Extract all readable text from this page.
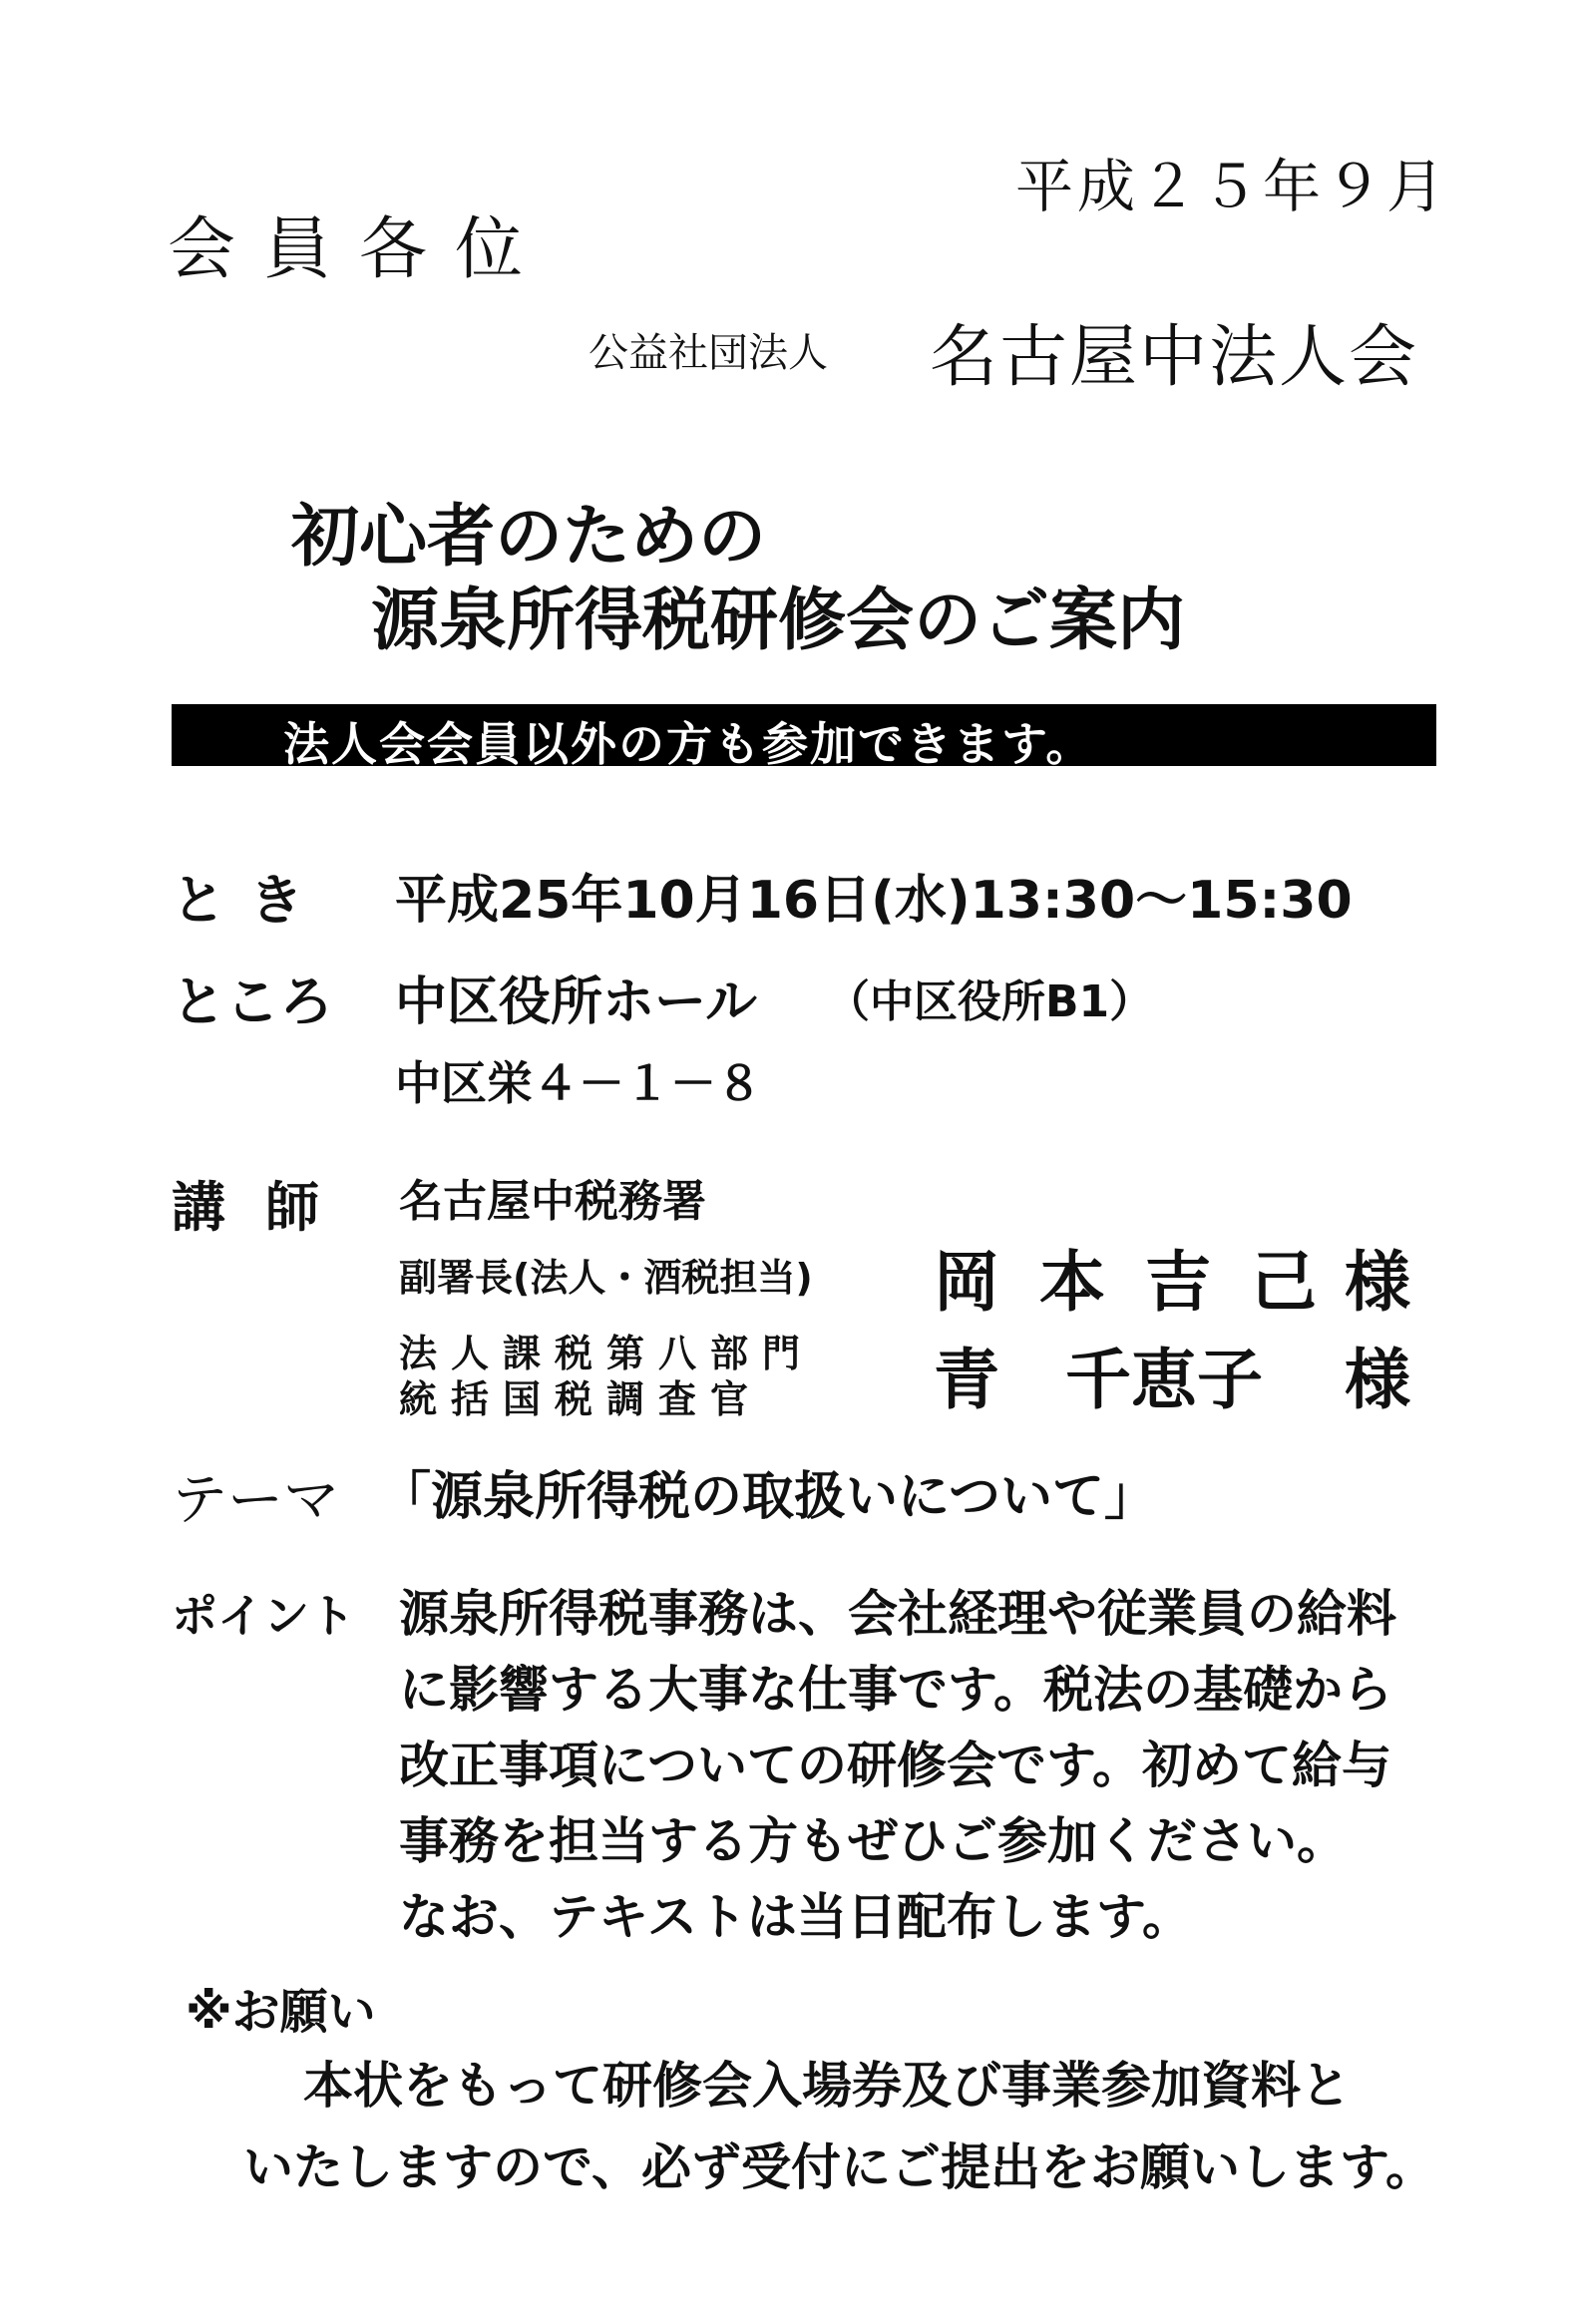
平成２５年９月
会員各位
公益社団法人 名古屋中法人会
初心者のための
源泉所得税研修会のご案内
法人会会員以外の方も参加できます。
とき 平成25年10月16日(水)13:30〜15:30
ところ 中区役所ホール （中区役所B1）
中区栄４－１－８
講師 名古屋中税務署
副署長(法人・酒税担当) 岡本吉己
様
法人課税第八部門
統括国税調査官	青　千恵子 様
テーマ 「源泉所得税の取扱いについて」
ポイント 源泉所得税事務は、会社経理や従業員の給料
に影響する大事な仕事です。税法の基礎から
改正事項についての研修会です。初めて給与
事務を担当する方もぜひご参加ください。
なお、テキストは当日配布します。
※お願い
本状をもって研修会入場券及び事業参加資料と
いたしますので、必ず受付にご提出をお願いします。
